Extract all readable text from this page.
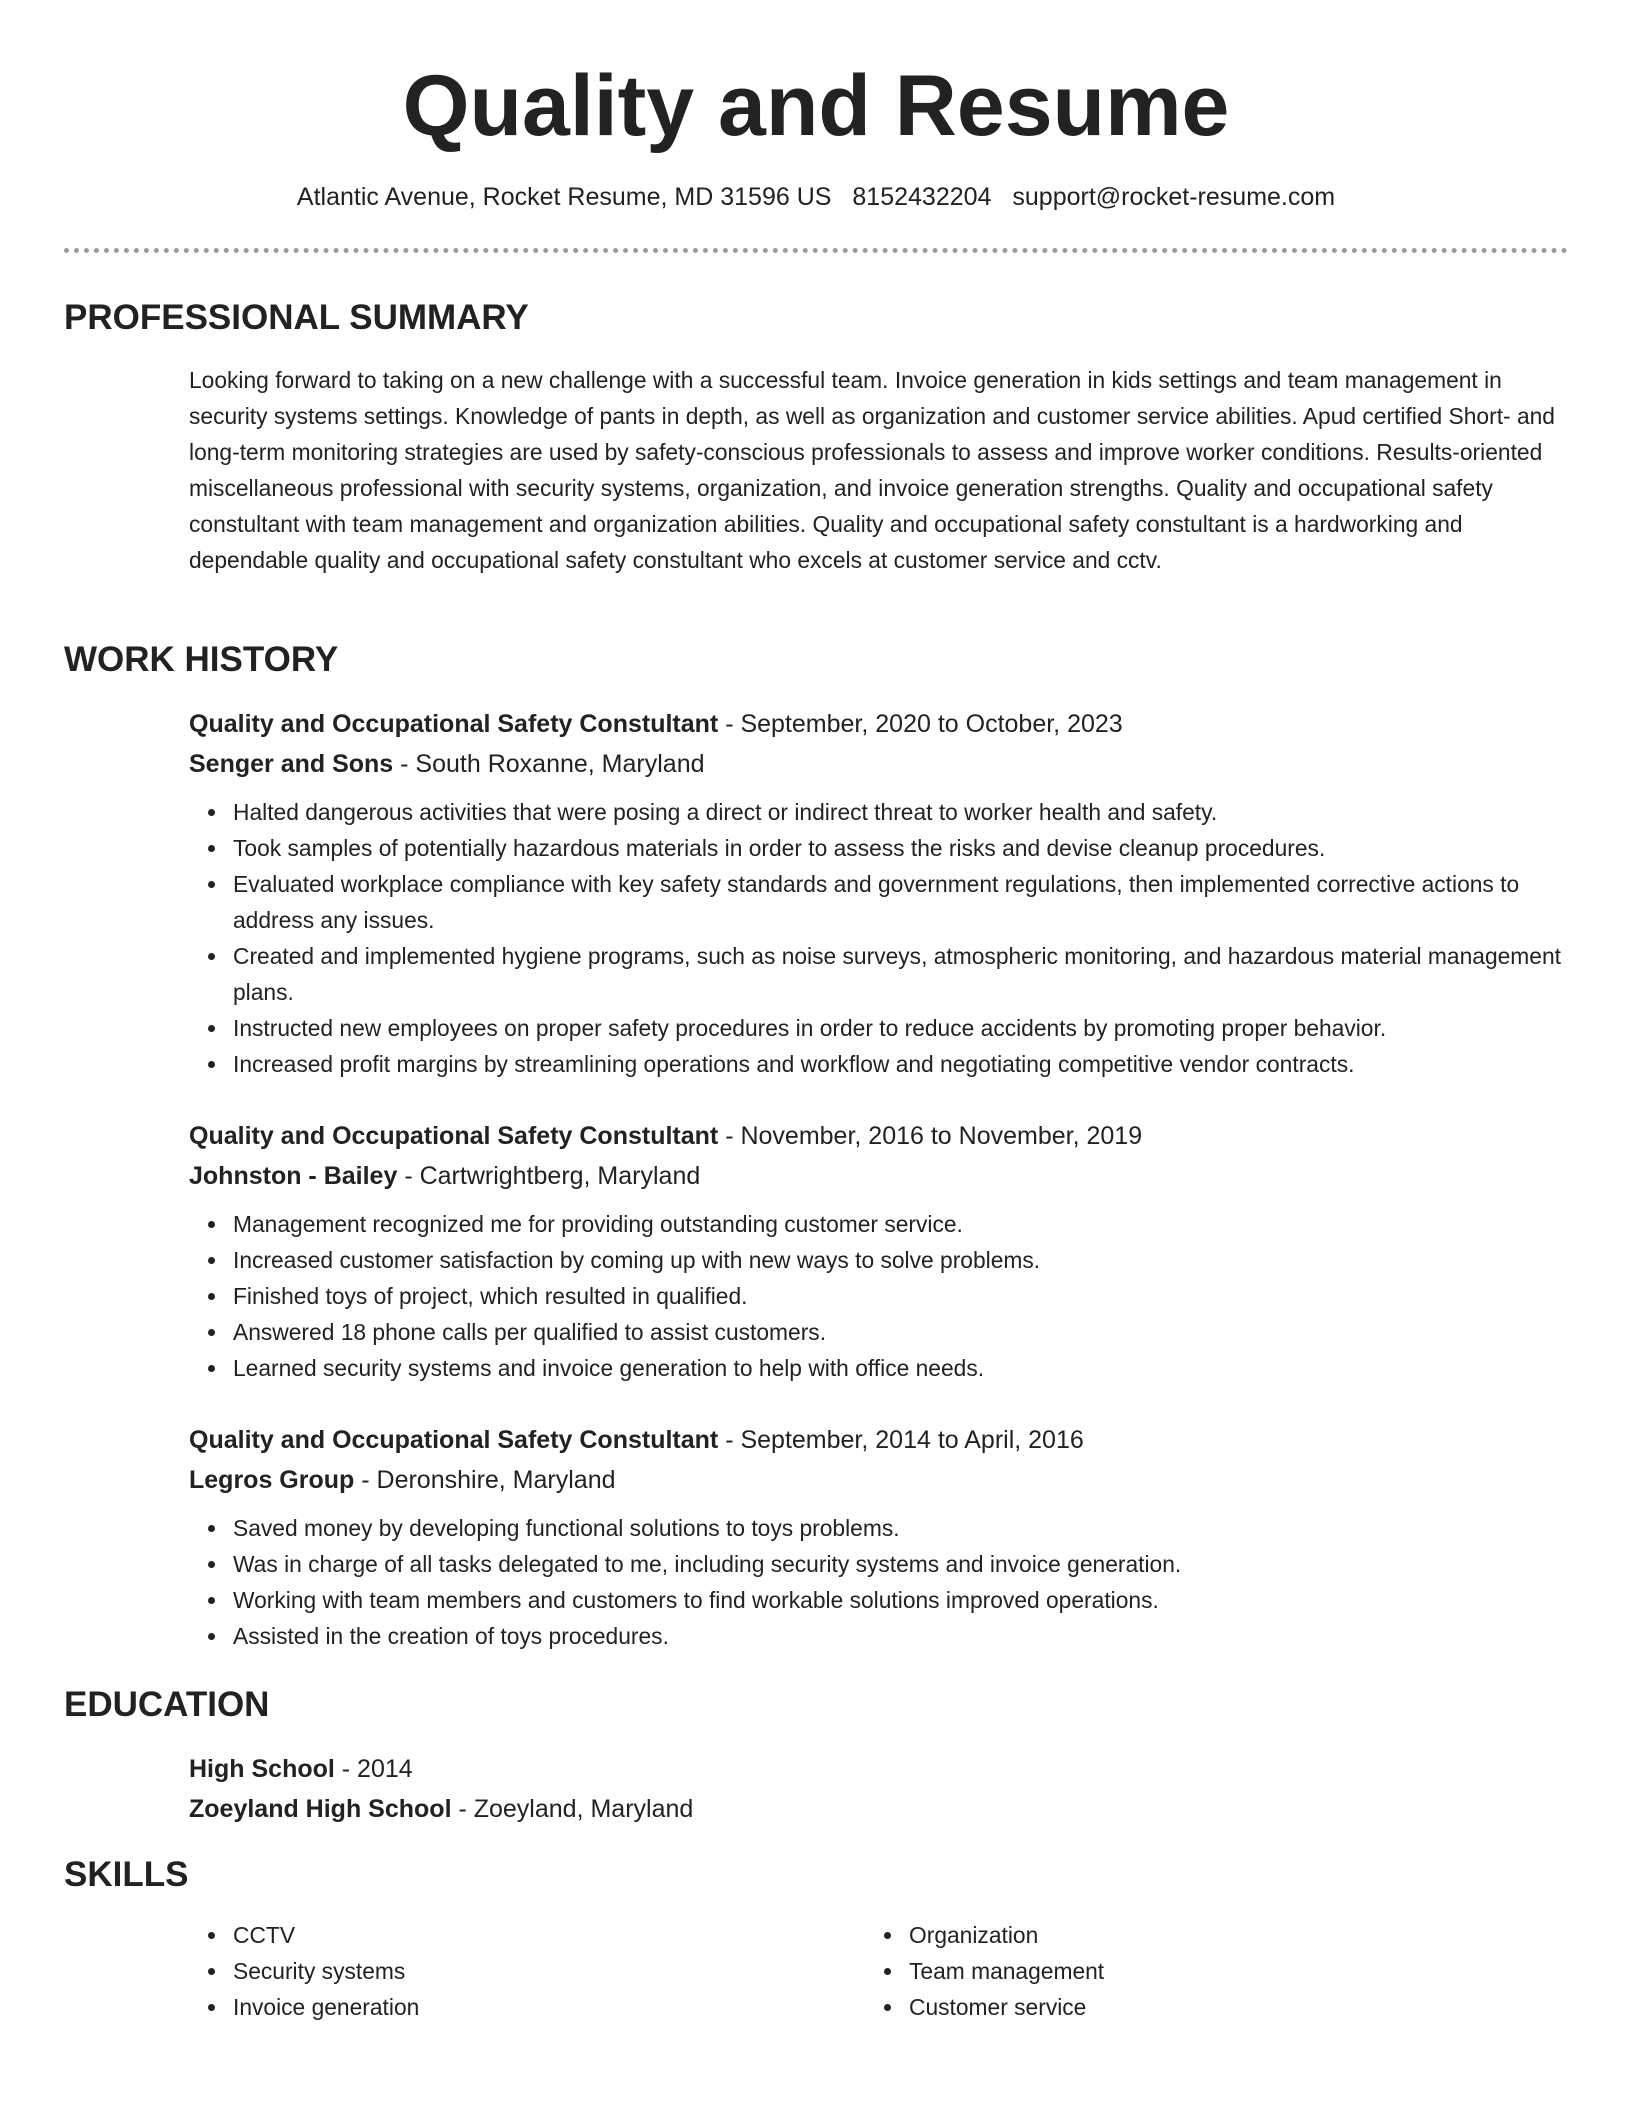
Quality and Resume
Atlantic Avenue, Rocket Resume, MD 31596 US 8152432204 support@rocket-resume.com
PROFESSIONAL SUMMARY

Looking forward to taking on a new challenge with a successful team. Invoice generation in kids settings and team management in security systems settings. Knowledge of pants in depth, as well as organization and customer service abilities. Apud certified Short- and long-term monitoring strategies are used by safety-conscious professionals to assess and improve worker conditions. Results-oriented miscellaneous professional with security systems, organization, and invoice generation strengths. Quality and occupational safety constultant with team management and organization abilities. Quality and occupational safety constultant is a hardworking and dependable quality and occupational safety constultant who excels at customer service and cctv.

WORK HISTORY

Quality and Occupational Safety Constultant - September, 2020 to October, 2023

Senger and Sons - South Roxanne, Maryland

Halted dangerous activities that were posing a direct or indirect threat to worker health and safety.
Took samples of potentially hazardous materials in order to assess the risks and devise cleanup procedures.
Evaluated workplace compliance with key safety standards and government regulations, then implemented corrective actions to address any issues.
Created and implemented hygiene programs, such as noise surveys, atmospheric monitoring, and hazardous material management plans.
Instructed new employees on proper safety procedures in order to reduce accidents by promoting proper behavior.
Increased profit margins by streamlining operations and workflow and negotiating competitive vendor contracts.

Quality and Occupational Safety Constultant - November, 2016 to November, 2019

Johnston - Bailey - Cartwrightberg, Maryland

Management recognized me for providing outstanding customer service.
Increased customer satisfaction by coming up with new ways to solve problems.
Finished toys of project, which resulted in qualified.
Answered 18 phone calls per qualified to assist customers.
Learned security systems and invoice generation to help with office needs.

Quality and Occupational Safety Constultant - September, 2014 to April, 2016

Legros Group - Deronshire, Maryland

Saved money by developing functional solutions to toys problems.
Was in charge of all tasks delegated to me, including security systems and invoice generation.
Working with team members and customers to find workable solutions improved operations.
Assisted in the creation of toys procedures.
EDUCATION

High School - 2014

Zoeyland High School - Zoeyland, Maryland

SKILLS
CCTV
Security systems
Invoice generation
Organization
Team management
Customer service
